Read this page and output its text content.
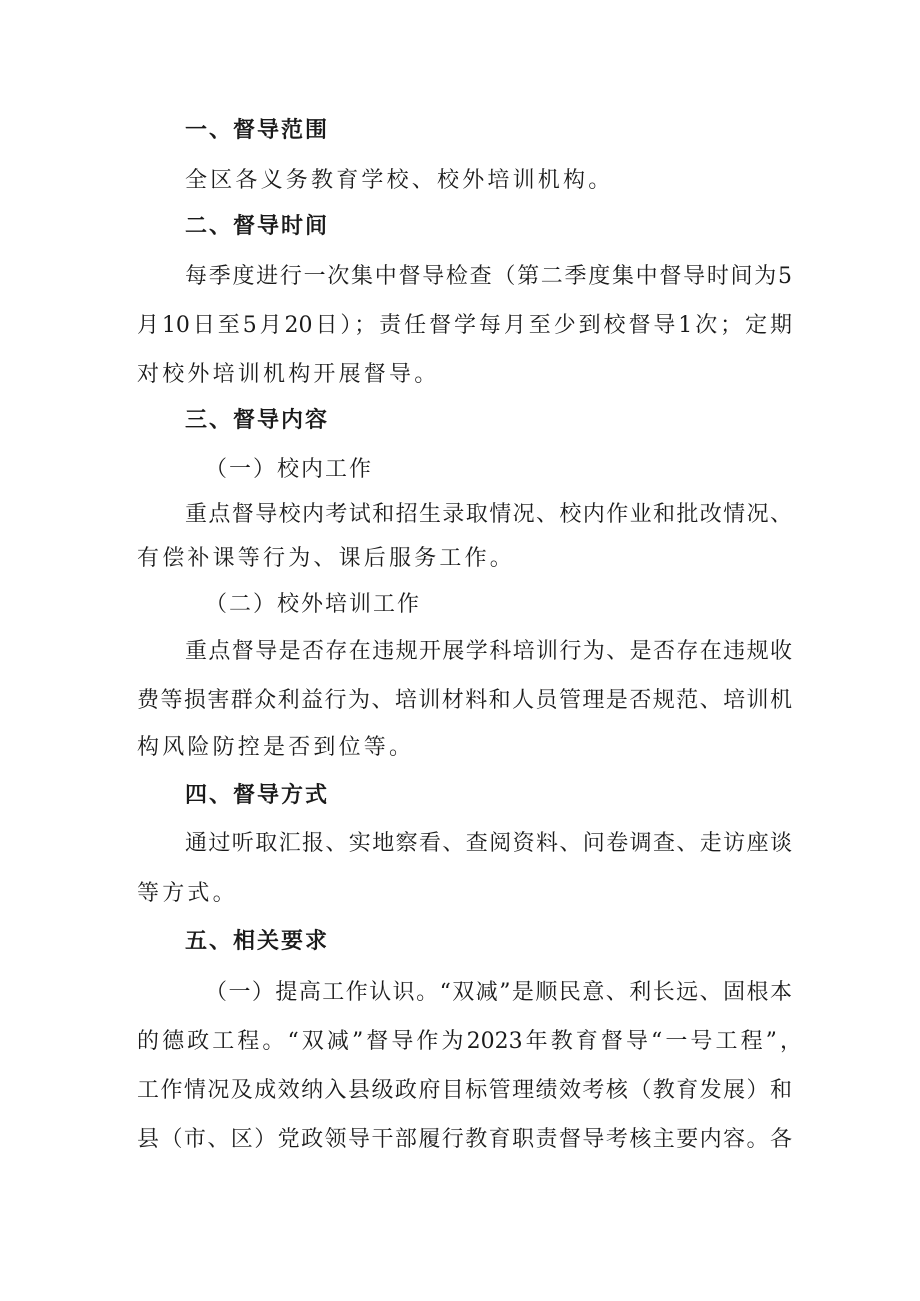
一、督导范围
全区各义务教育学校、校外培训机构。
二、督导时间
每季度进行一次集中督导检查（第二季度集中督导时间为5
月10日至5月20日）；责任督学每月至少到校督导1次；定期
对校外培训机构开展督导。
三、督导内容
（一）校内工作
重点督导校内考试和招生录取情况、校内作业和批改情况、
有偿补课等行为、课后服务工作。
（二）校外培训工作
重点督导是否存在违规开展学科培训行为、是否存在违规收
费等损害群众利益行为、培训材料和人员管理是否规范、培训机
构风险防控是否到位等。
四、督导方式
通过听取汇报、实地察看、查阅资料、问卷调查、走访座谈
等方式。
五、相关要求
（一）提高工作认识。“双减”是顺民意、利长远、固根本
的德政工程。“双减”督导作为2023年教育督导“一号工程”，
工作情况及成效纳入县级政府目标管理绩效考核（教育发展）和
县（市、区）党政领导干部履行教育职责督导考核主要内容。各
